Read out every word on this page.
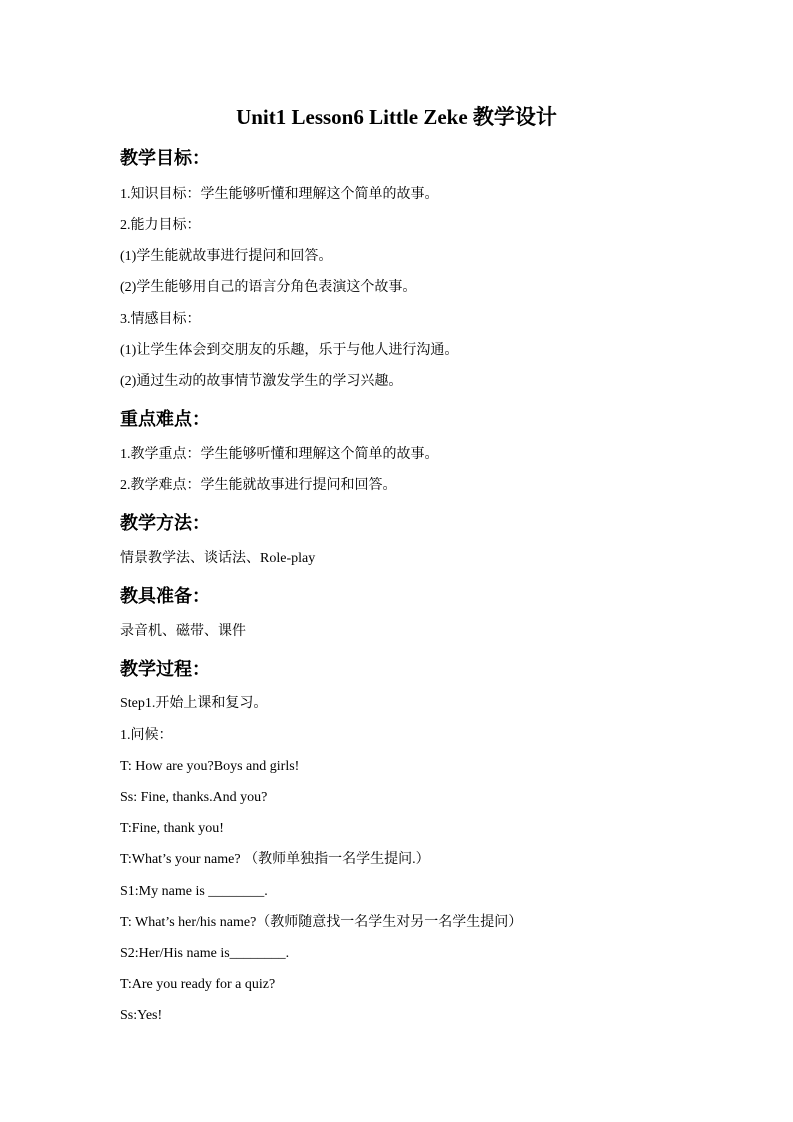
Unit1 Lesson6 Little Zeke 教学设计
教学目标：
1.知识目标：学生能够听懂和理解这个简单的故事。
2.能力目标：
(1)学生能就故事进行提问和回答。
(2)学生能够用自己的语言分角色表演这个故事。
3.情感目标：
(1)让学生体会到交朋友的乐趣，乐于与他人进行沟通。
(2)通过生动的故事情节激发学生的学习兴趣。
重点难点：
1.教学重点：学生能够听懂和理解这个简单的故事。
2.教学难点：学生能就故事进行提问和回答。
教学方法：
情景教学法、谈话法、Role-play
教具准备：
录音机、磁带、课件
教学过程：
Step1.开始上课和复习。
1.问候：
T: How are you?Boys and girls!
Ss: Fine, thanks.And you?
T:Fine, thank you!
T:What’s your name? （教师单独指一名学生提问.）
S1:My name is ________.
T: What’s her/his name?（教师随意找一名学生对另一名学生提问）
S2:Her/His name is________.
T:Are you ready for a quiz?
Ss:Yes!
